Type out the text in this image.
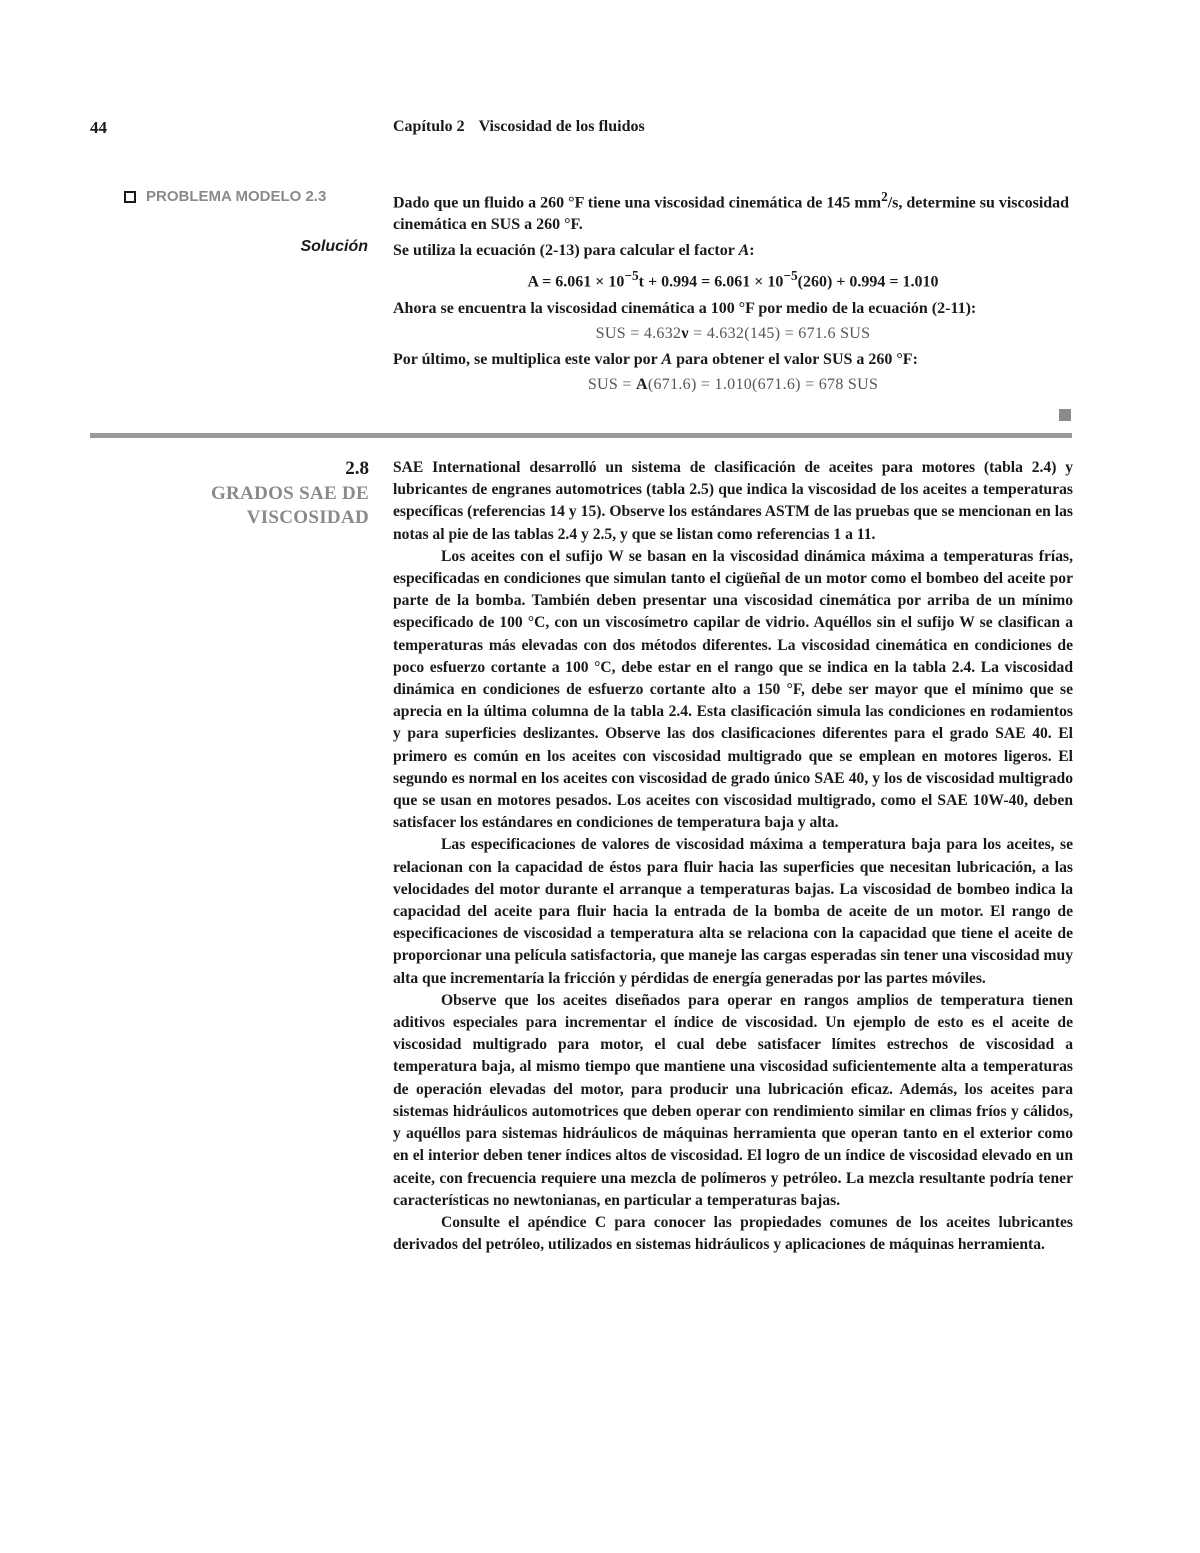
44	Capítulo 2 Viscosidad de los fluidos
PROBLEMA MODELO 2.3
Solución

Dado que un fluido a 260 °F tiene una viscosidad cinemática de 145 $mm^2/s$, determine su viscosidad cinemática en SUS a 260 °F.

Se utiliza la ecuación (2-13) para calcular el factor A:

$A = 6.061 \times 10^{-5}t + 0.994 = 6.061 \times 10^{-5}(260) + 0.994 = 1.010$

Ahora se encuentra la viscosidad cinemática a 100 °F por medio de la ecuación (2-11):

SUS = 4.632ν = 4.632(145) = 671.6 SUS

Por último, se multiplica este valor por A para obtener el valor SUS a 260 °F:

SUS = A(671.6) = 1.010(671.6) = 678 SUS

2.8
GRADOS SAE DE VISCOSIDAD

SAE International desarrolló un sistema de clasificación de aceites para motores (tabla 2.4) y lubricantes de engranes automotrices (tabla 2.5) que indica la viscosidad de los aceites a temperaturas específicas (referencias 14 y 15). Observe los estándares ASTM de las pruebas que se mencionan en las notas al pie de las tablas 2.4 y 2.5, y que se listan como referencias 1 a 11.

Los aceites con el sufijo W se basan en la viscosidad dinámica máxima a temperaturas frías, especificadas en condiciones que simulan tanto el cigüeñal de un motor como el bombeo del aceite por parte de la bomba. También deben presentar una viscosidad cinemática por arriba de un mínimo especificado de 100 °C, con un viscosímetro capilar de vidrio. Aquéllos sin el sufijo W se clasifican a temperaturas más elevadas con dos métodos diferentes. La viscosidad cinemática en condiciones de poco esfuerzo cortante a 100 °C, debe estar en el rango que se indica en la tabla 2.4. La viscosidad dinámica en condiciones de esfuerzo cortante alto a 150 °F, debe ser mayor que el mínimo que se aprecia en la última columna de la tabla 2.4. Esta clasificación simula las condiciones en rodamientos y para superficies deslizantes. Observe las dos clasificaciones diferentes para el grado SAE 40. El primero es común en los aceites con viscosidad multigrado que se emplean en motores ligeros. El segundo es normal en los aceites con viscosidad de grado único SAE 40, y los de viscosidad multigrado que se usan en motores pesados. Los aceites con viscosidad multigrado, como el SAE 10W-40, deben satisfacer los estándares en condiciones de temperatura baja y alta.

Las especificaciones de valores de viscosidad máxima a temperatura baja para los aceites, se relacionan con la capacidad de éstos para fluir hacia las superficies que necesitan lubricación, a las velocidades del motor durante el arranque a temperaturas bajas. La viscosidad de bombeo indica la capacidad del aceite para fluir hacia la entrada de la bomba de aceite de un motor. El rango de especificaciones de viscosidad a temperatura alta se relaciona con la capacidad que tiene el aceite de proporcionar una película satisfactoria, que maneje las cargas esperadas sin tener una viscosidad muy alta que incrementaría la fricción y pérdidas de energía generadas por las partes móviles.

Observe que los aceites diseñados para operar en rangos amplios de temperatura tienen aditivos especiales para incrementar el índice de viscosidad. Un ejemplo de esto es el aceite de viscosidad multigrado para motor, el cual debe satisfacer límites estrechos de viscosidad a temperatura baja, al mismo tiempo que mantiene una viscosidad suficientemente alta a temperaturas de operación elevadas del motor, para producir una lubricación eficaz. Además, los aceites para sistemas hidráulicos automotrices que deben operar con rendimiento similar en climas fríos y cálidos, y aquéllos para sistemas hidráulicos de máquinas herramienta que operan tanto en el exterior como en el interior deben tener índices altos de viscosidad. El logro de un índice de viscosidad elevado en un aceite, con frecuencia requiere una mezcla de polímeros y petróleo. La mezcla resultante podría tener características no newtonianas, en particular a temperaturas bajas.

Consulte el apéndice C para conocer las propiedades comunes de los aceites lubricantes derivados del petróleo, utilizados en sistemas hidráulicos y aplicaciones de máquinas herramienta.
